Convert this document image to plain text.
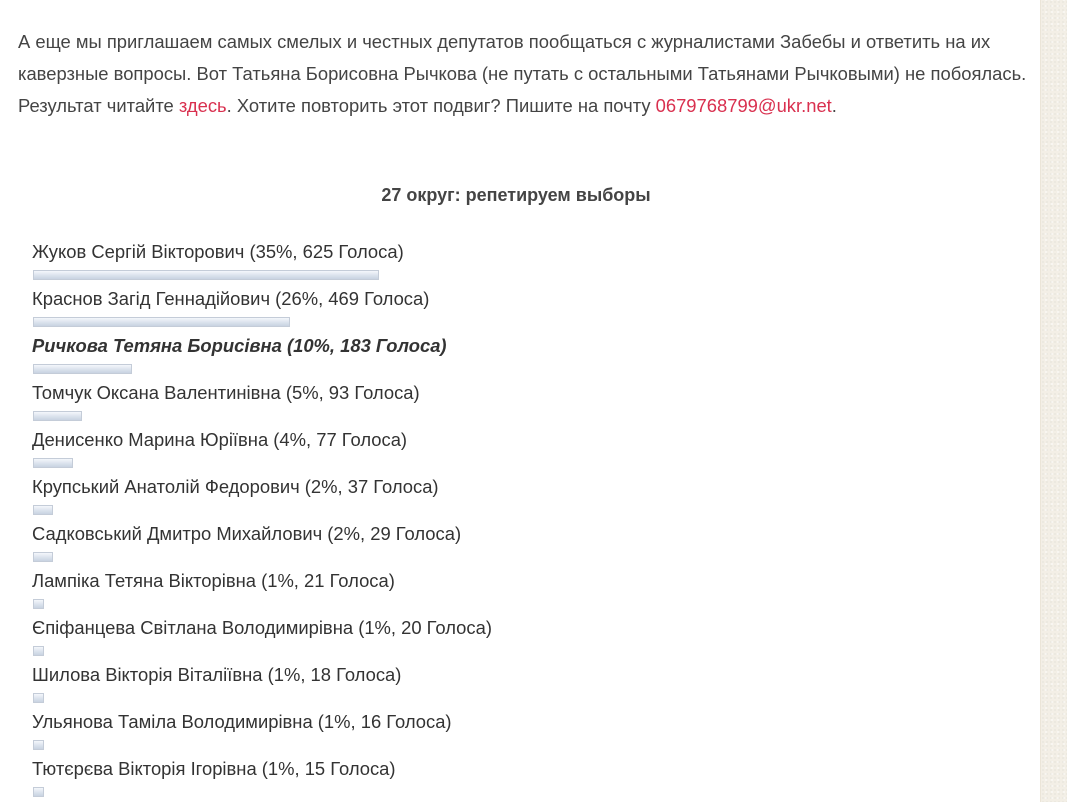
А еще мы приглашаем самых смелых и честных депутатов пообщаться с журналистами Забебы и ответить на их каверзные вопросы. Вот Татьяна Борисовна Рычкова (не путать с остальными Татьянами Рычковыми) не побоялась. Результат читайте здесь. Хотите повторить этот подвиг? Пишите на почту 0679768799@ukr.net.

27 округ: репетируем выборы
Жуков Сергій Вікторович (35%, 625 Голоса)
Краснов Загід Геннадійович (26%, 469 Голоса)
Ричкова Тетяна Борисівна (10%, 183 Голоса)
Томчук Оксана Валентинівна (5%, 93 Голоса)
Денисенко Марина Юріївна (4%, 77 Голоса)
Крупський Анатолій Федорович (2%, 37 Голоса)
Садковський Дмитро Михайлович (2%, 29 Голоса)
Лампіка Тетяна Вікторівна (1%, 21 Голоса)
Єпіфанцева Світлана Володимирівна (1%, 20 Голоса)
Шилова Вікторія Віталіївна (1%, 18 Голоса)
Ульянова Таміла Володимирівна (1%, 16 Голоса)
Тютєрєва Вікторія Ігорівна (1%, 15 Голоса)
